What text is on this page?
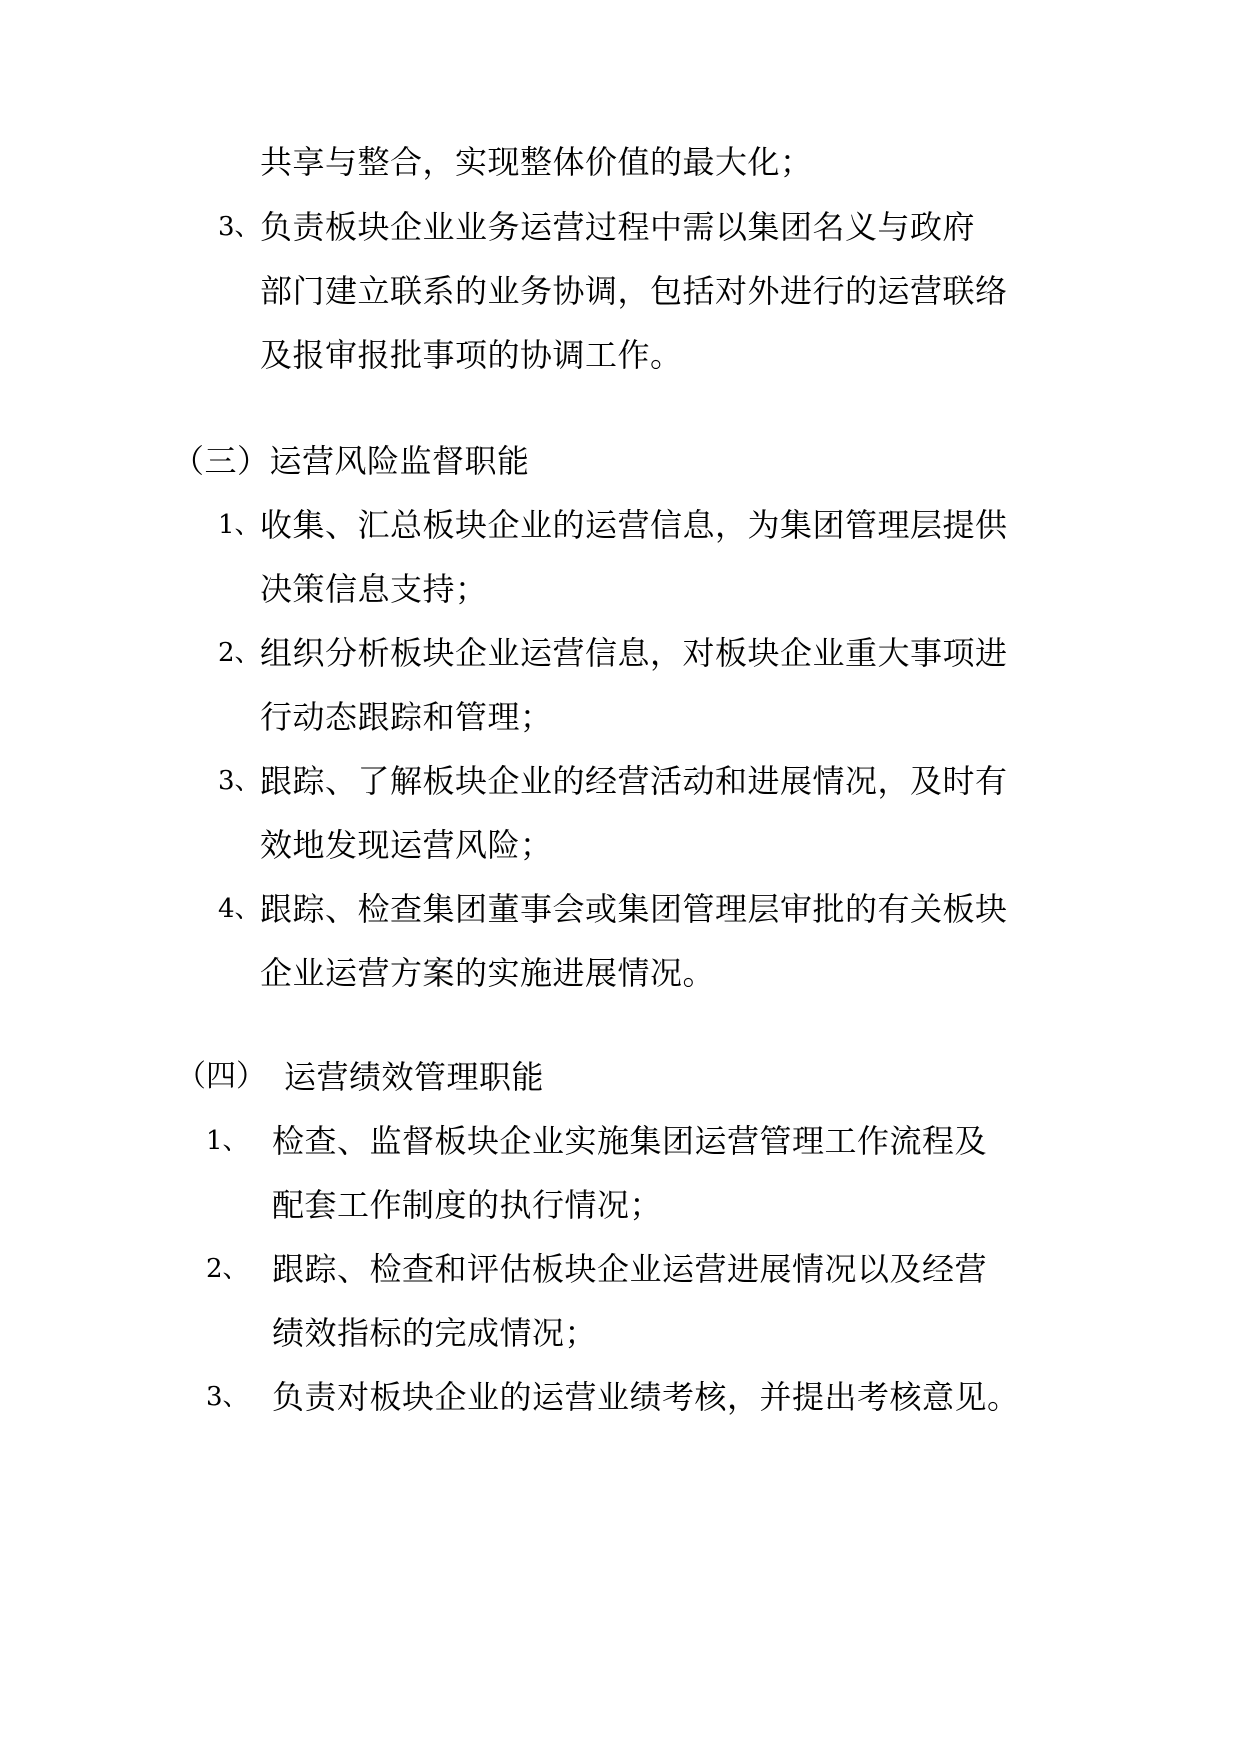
共享与整合，实现整体价值的最大化；
3、 负责板块企业业务运营过程中需以集团名义与政府
部门建立联系的业务协调，包括对外进行的运营联络
及报审报批事项的协调工作。
（三）运营风险监督职能
1、 收集、汇总板块企业的运营信息，为集团管理层提供
决策信息支持；
2、 组织分析板块企业运营信息，对板块企业重大事项进
行动态跟踪和管理；
3、 跟踪、了解板块企业的经营活动和进展情况，及时有
效地发现运营风险；
4、 跟踪、检查集团董事会或集团管理层审批的有关板块
企业运营方案的实施进展情况。
（四） 运营绩效管理职能
1、 检查、监督板块企业实施集团运营管理工作流程及
配套工作制度的执行情况；
2、 跟踪、检查和评估板块企业运营进展情况以及经营
绩效指标的完成情况；
3、 负责对板块企业的运营业绩考核，并提出考核意见。
